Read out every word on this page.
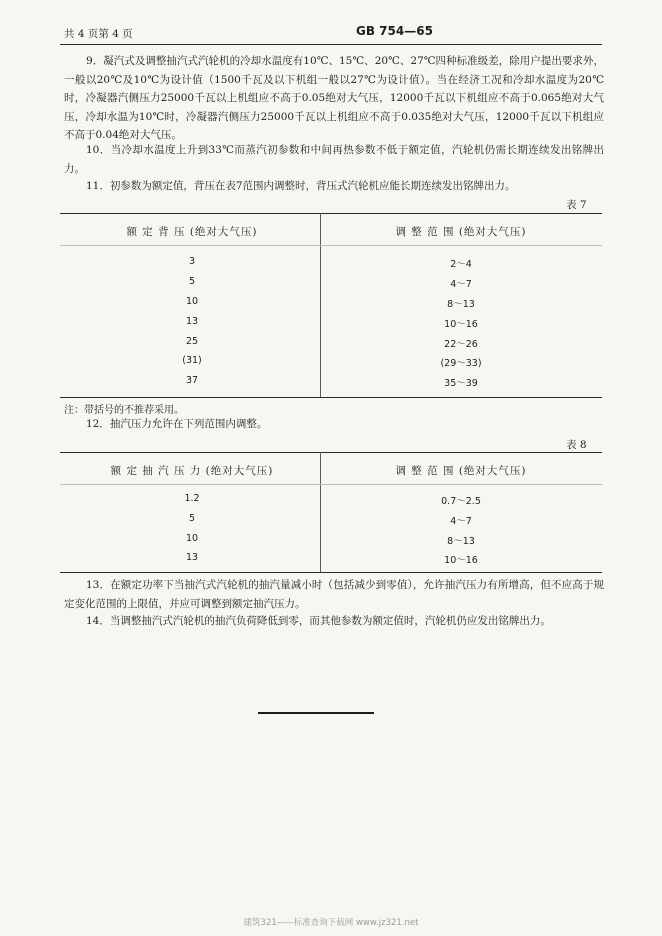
共 4 页第 4 页	GB 754—65

9．凝汽式及调整抽汽式汽轮机的冷却水温度有10℃、15℃、20℃、27℃四种标准级差，除用户提出要求外，一般以20℃及10℃为设计值（1500千瓦及以下机组一般以27℃为设计值）。当在经济工况和冷却水温度为20℃时，冷凝器汽侧压力25000千瓦以上机组应不高于0.05绝对大气压，12000千瓦以下机组应不高于0.065绝对大气压，冷却水温为10℃时，冷凝器汽侧压力25000千瓦以上机组应不高于0.035绝对大气压，12000千瓦以下机组应不高于0.04绝对大气压。

10．当冷却水温度上升到33℃而蒸汽初参数和中间再热参数不低于额定值，汽轮机仍需长期连续发出铭牌出力。

11．初参数为额定值，背压在表7范围内调整时，背压式汽轮机应能长期连续发出铭牌出力。

表 7
额 定 背 压 (绝对大气压)	调 整 范 围 (绝对大气压)
3	2～4
5	4～7
10	8～13
13	10～16
25	22～26
(31)	(29～33)
37	35～39
注：带括号的不推荐采用。

12．抽汽压力允许在下列范围内调整。

表 8
额 定 抽 汽 压 力 (绝对大气压)	调 整 范 围 (绝对大气压)
1.2	0.7～2.5
5	4～7
10	8～13
13	10～16

13．在额定功率下当抽汽式汽轮机的抽汽量减小时（包括减少到零值），允许抽汽压力有所增高，但不应高于规定变化范围的上限值，并应可调整到额定抽汽压力。

14．当调整抽汽式汽轮机的抽汽负荷降低到零，而其他参数为额定值时，汽轮机仍应发出铭牌出力。

建筑321——标准查询下载网 www.jz321.net
